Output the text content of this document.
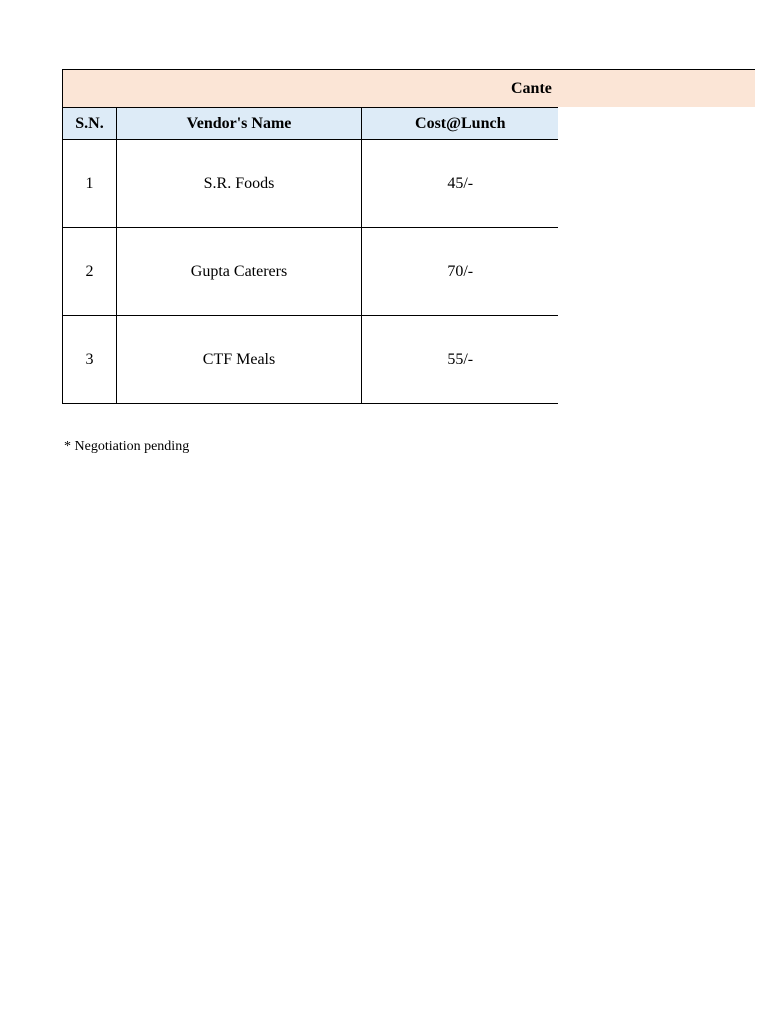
Cante
S.N.	Vendor's Name	Cost@Lunch
1	S.R. Foods	45/-
2	Gupta Caterers	70/-
3	CTF Meals	55/-
* Negotiation pending
